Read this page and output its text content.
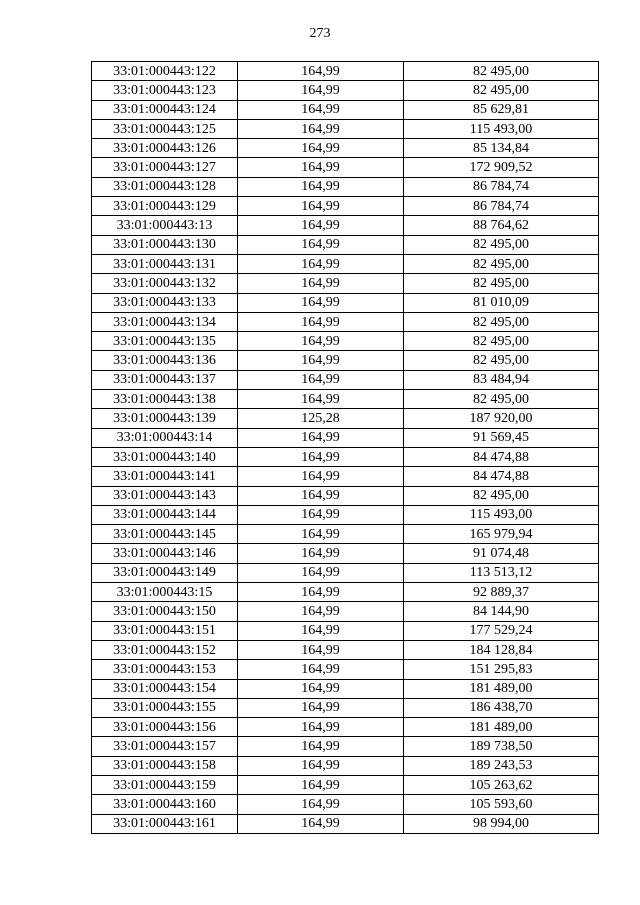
273
33:01:000443:122	164,99	82 495,00
33:01:000443:123	164,99	82 495,00
33:01:000443:124	164,99	85 629,81
33:01:000443:125	164,99	115 493,00
33:01:000443:126	164,99	85 134,84
33:01:000443:127	164,99	172 909,52
33:01:000443:128	164,99	86 784,74
33:01:000443:129	164,99	86 784,74
33:01:000443:13	164,99	88 764,62
33:01:000443:130	164,99	82 495,00
33:01:000443:131	164,99	82 495,00
33:01:000443:132	164,99	82 495,00
33:01:000443:133	164,99	81 010,09
33:01:000443:134	164,99	82 495,00
33:01:000443:135	164,99	82 495,00
33:01:000443:136	164,99	82 495,00
33:01:000443:137	164,99	83 484,94
33:01:000443:138	164,99	82 495,00
33:01:000443:139	125,28	187 920,00
33:01:000443:14	164,99	91 569,45
33:01:000443:140	164,99	84 474,88
33:01:000443:141	164,99	84 474,88
33:01:000443:143	164,99	82 495,00
33:01:000443:144	164,99	115 493,00
33:01:000443:145	164,99	165 979,94
33:01:000443:146	164,99	91 074,48
33:01:000443:149	164,99	113 513,12
33:01:000443:15	164,99	92 889,37
33:01:000443:150	164,99	84 144,90
33:01:000443:151	164,99	177 529,24
33:01:000443:152	164,99	184 128,84
33:01:000443:153	164,99	151 295,83
33:01:000443:154	164,99	181 489,00
33:01:000443:155	164,99	186 438,70
33:01:000443:156	164,99	181 489,00
33:01:000443:157	164,99	189 738,50
33:01:000443:158	164,99	189 243,53
33:01:000443:159	164,99	105 263,62
33:01:000443:160	164,99	105 593,60
33:01:000443:161	164,99	98 994,00
